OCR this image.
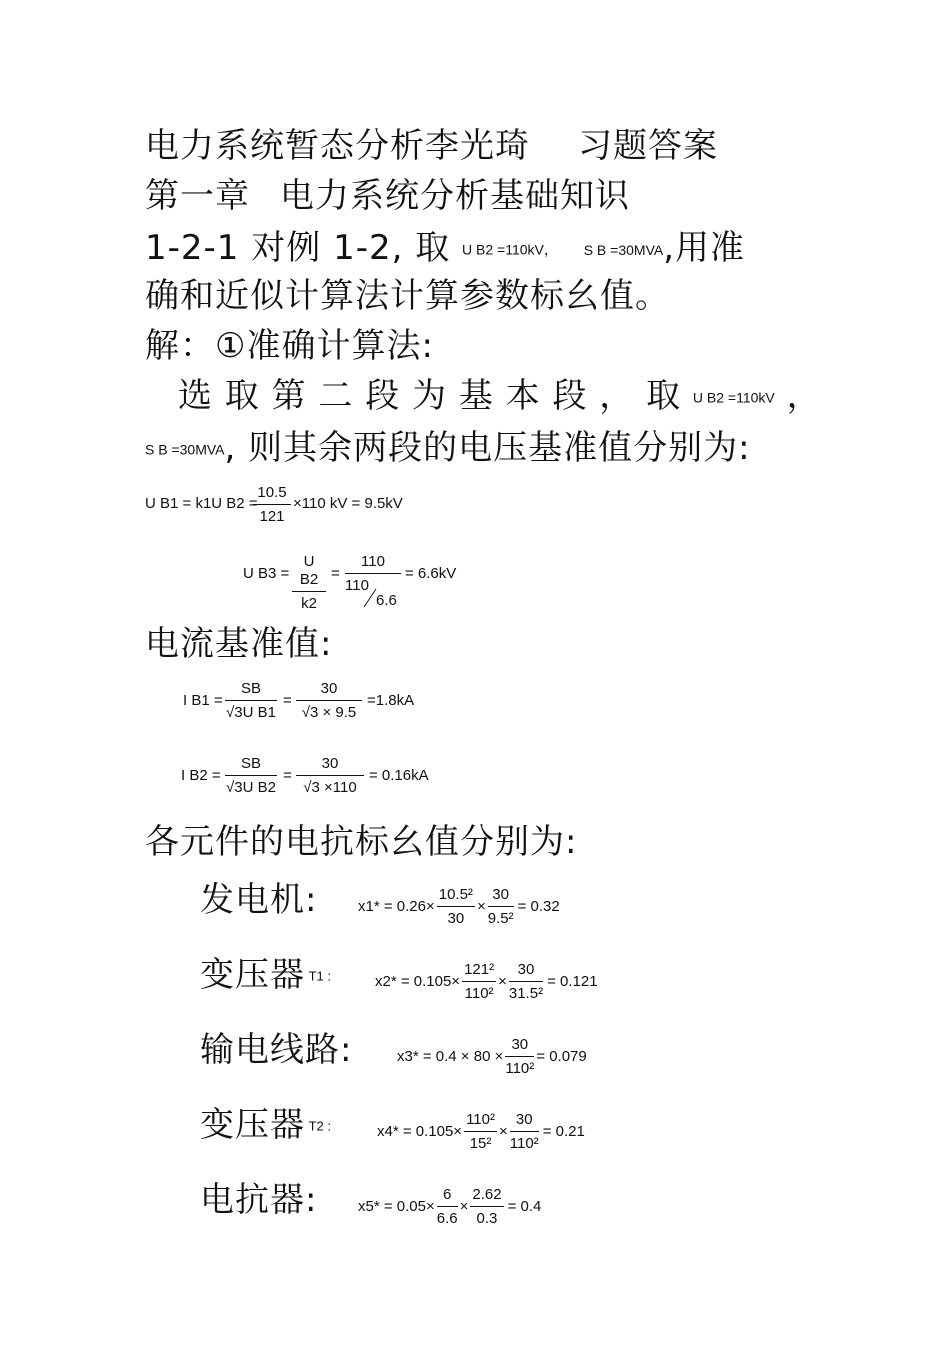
电力系统暂态分析李光琦 习题答案
第一章 电力系统分析基础知识
1-2-1 对例 1-2, 取 U B2 =110kV， S B =30MVA,用准
确和近似计算法计算参数标幺值。
解：①准确计算法:
选 取 第 二 段 为 基 本 段 ， 取 U B2 =110kV ，
S B =30MVA, 则其余两段的电压基准值分别为:
U B1 = k1U B2 =
$\frac{10.5}{121} \times 110$ kV = 9.5kV
U $B3 = \frac{\text{U B2}}{k2} = \frac{110}{110}$
6.6
= 6.6kV
电流基准值:
I $B1 = \frac{SB}{\text{√3U B1}} = \frac{30}{√3 \times 9.5} =1.8kA$
I $B2 = \frac{SB}{\text{√3U B2}} = \frac{30}{√3 \times 110} = 0.16kA$
各元件的电抗标幺值分别为:
发电机:	$x1* = 0.26\times \frac{\text{10.5²}}{30} \times \frac{30}{\text{9.5²}} = 0.32$
变压器 T1 :	$x2* = 0.105\times \frac{\text{121²}}{\text{110²}} \times \frac{30}{\text{31.5²}} = 0.121$
输电线路:	$x3* = 0.4 \times 80 \times \frac{30}{\text{110²}} = 0.079$
变压器 T2 :	$x4* = 0.105\times \frac{\text{110²}}{\text{15²}} \times \frac{30}{\text{110²}} = 0.21$
电抗器:	$x5* = 0.05\times \frac{6}{6.6} \times \frac{2.62}{0.3} = 0.4$
